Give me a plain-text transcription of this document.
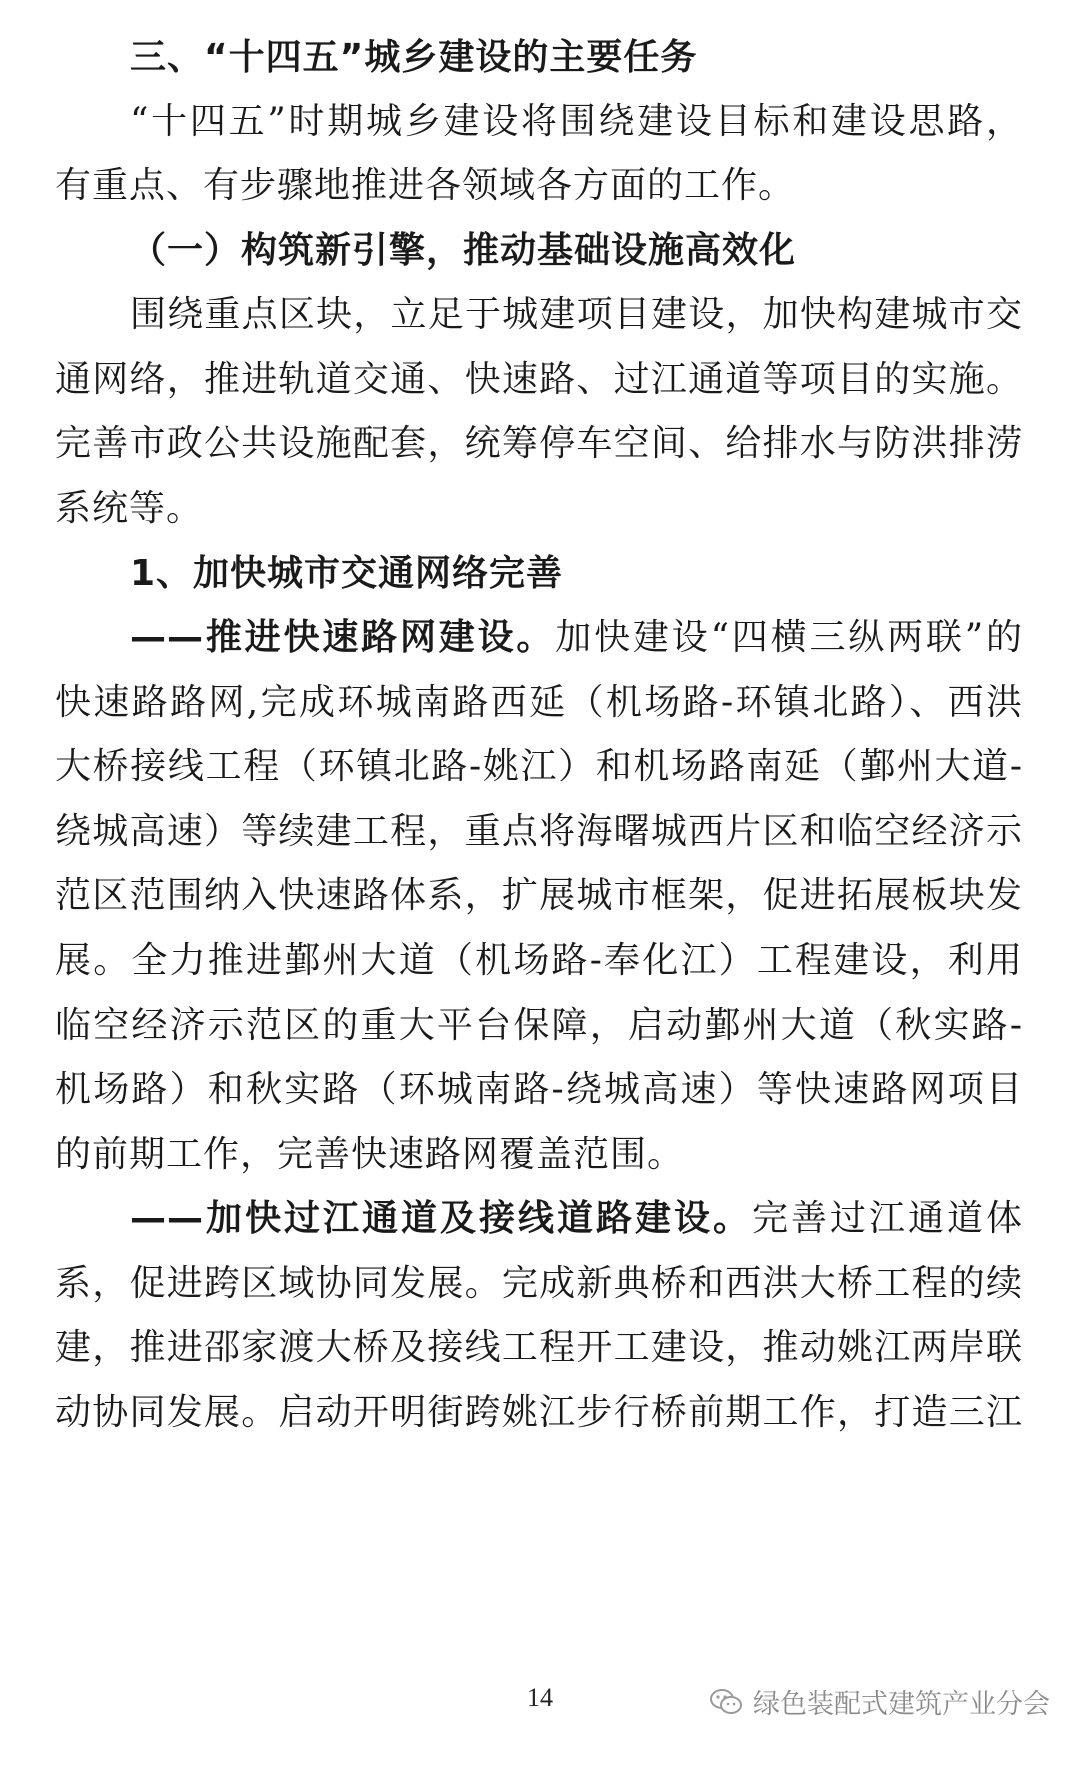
三、“十四五”城乡建设的主要任务
“十四五”时期城乡建设将围绕建设目标和建设思路，
有重点、有步骤地推进各领域各方面的工作。
（一）构筑新引擎，推动基础设施高效化
围绕重点区块，立足于城建项目建设，加快构建城市交
通网络，推进轨道交通、快速路、过江通道等项目的实施。
完善市政公共设施配套，统筹停车空间、给排水与防洪排涝
系统等。
1、加快城市交通网络完善
——推进快速路网建设。加快建设“四横三纵两联”的
快速路路网,完成环城南路西延（机场路-环镇北路）、西洪
大桥接线工程（环镇北路-姚江）和机场路南延（鄞州大道-
绕城高速）等续建工程，重点将海曙城西片区和临空经济示
范区范围纳入快速路体系，扩展城市框架，促进拓展板块发
展。全力推进鄞州大道（机场路-奉化江）工程建设，利用
临空经济示范区的重大平台保障，启动鄞州大道（秋实路-
机场路）和秋实路（环城南路-绕城高速）等快速路网项目
的前期工作，完善快速路网覆盖范围。
——加快过江通道及接线道路建设。完善过江通道体
系，促进跨区域协同发展。完成新典桥和西洪大桥工程的续
建，推进邵家渡大桥及接线工程开工建设，推动姚江两岸联
动协同发展。启动开明街跨姚江步行桥前期工作，打造三江
14	绿色装配式建筑产业分会
